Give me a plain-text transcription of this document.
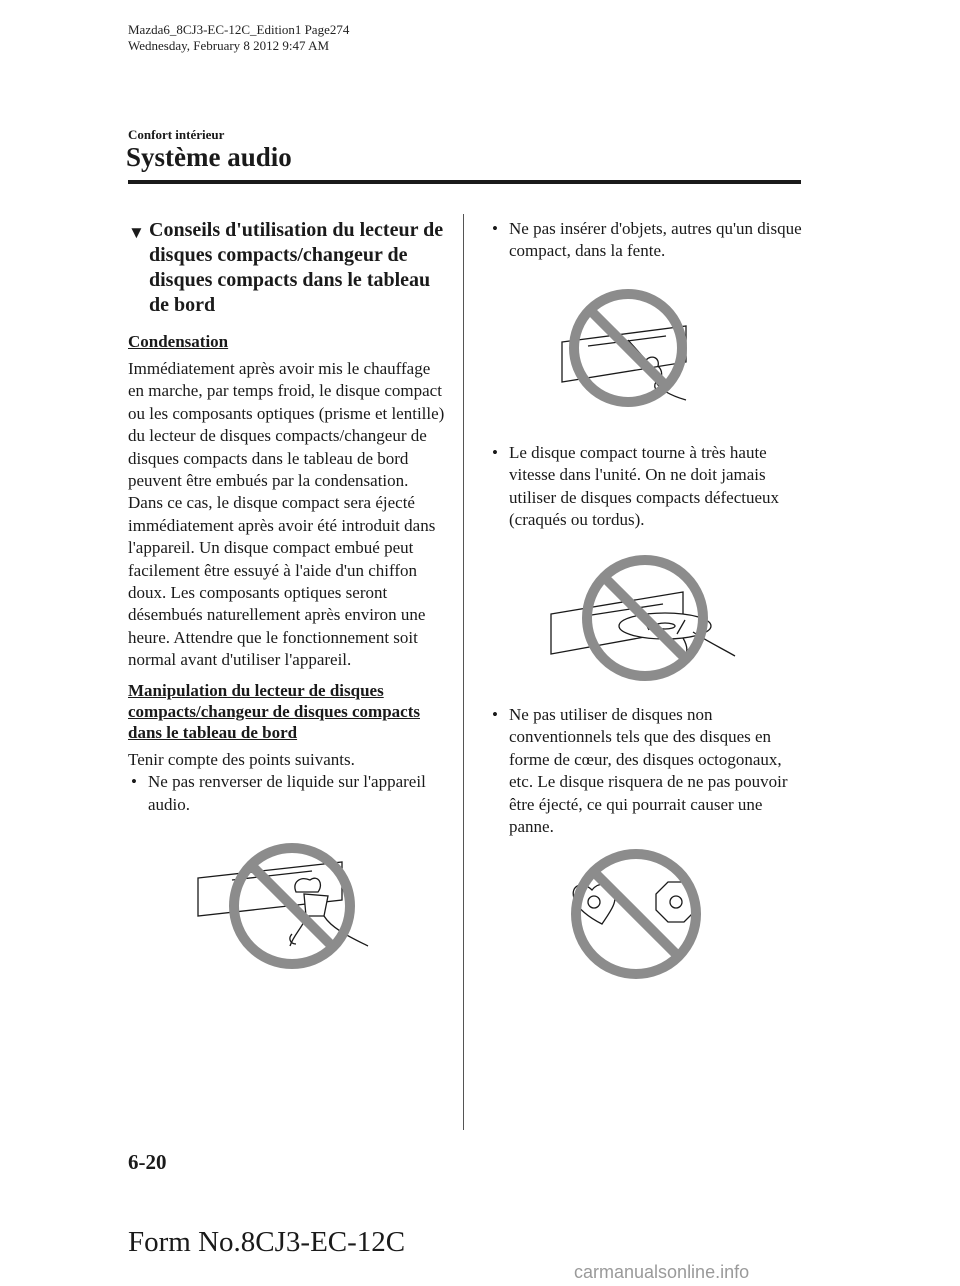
Mazda6_8CJ3-EC-12C_Edition1 Page274
Wednesday, February 8 2012 9:47 AM
Confort intérieur
Système audio
▼ Conseils d'utilisation du lecteur de disques compacts/changeur de disques compacts dans le tableau de bord
Condensation

Immédiatement après avoir mis le chauffage en marche, par temps froid, le disque compact ou les composants optiques (prisme et lentille) du lecteur de disques compacts/changeur de disques compacts dans le tableau de bord peuvent être embués par la condensation. Dans ce cas, le disque compact sera éjecté immédiatement après avoir été introduit dans l'appareil. Un disque compact embué peut facilement être essuyé à l'aide d'un chiffon doux. Les composants optiques seront désembués naturellement après environ une heure. Attendre que le fonctionnement soit normal avant d'utiliser l'appareil.

Manipulation du lecteur de disques compacts/changeur de disques compacts dans le tableau de bord

Tenir compte des points suivants.

• Ne pas renverser de liquide sur l'appareil audio.
• Ne pas insérer d'objets, autres qu'un disque compact, dans la fente.
• Le disque compact tourne à très haute vitesse dans l'unité. On ne doit jamais utiliser de disques compacts défectueux (craqués ou tordus).
• Ne pas utiliser de disques non conventionnels tels que des disques en forme de cœur, des disques octogonaux, etc. Le disque risquera de ne pas pouvoir être éjecté, ce qui pourrait causer une panne.
6-20
Form No.8CJ3-EC-12C
carmanualsonline.info
